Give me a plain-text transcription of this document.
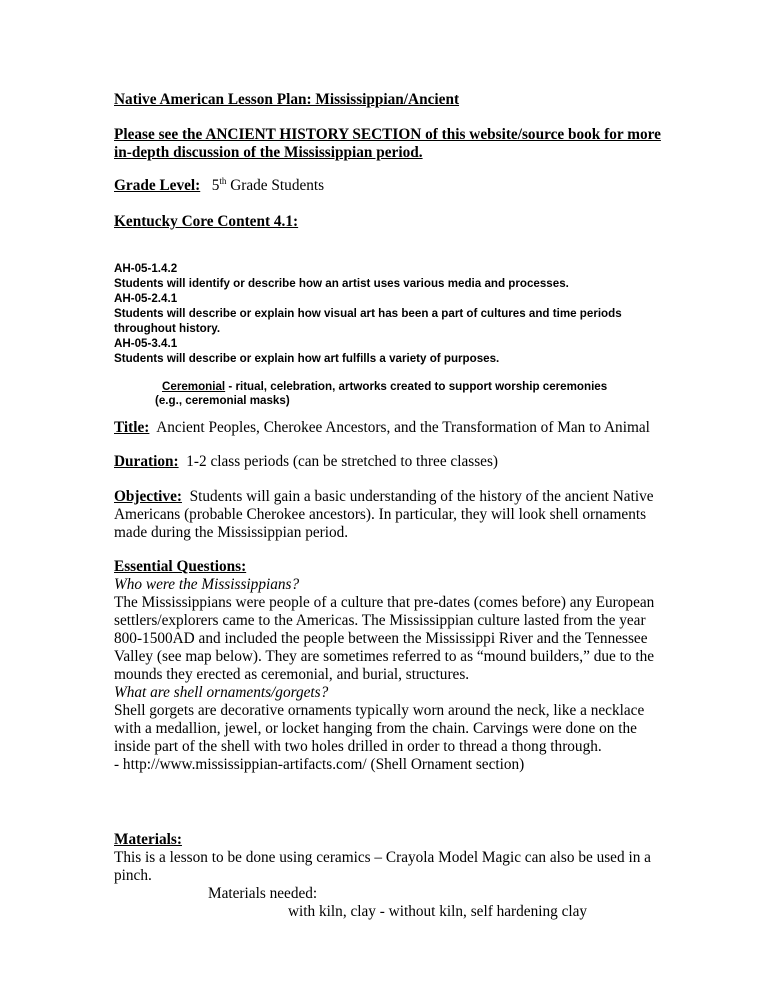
Native American Lesson Plan: Mississippian/Ancient
Please see the ANCIENT HISTORY SECTION of this website/source book for more
in-depth discussion of the Mississippian period.
Grade Level: 5th Grade Students
Kentucky Core Content 4.1:
AH-05-1.4.2
Students will identify or describe how an artist uses various media and processes.
AH-05-2.4.1
Students will describe or explain how visual art has been a part of cultures and time periods
throughout history.
AH-05-3.4.1
Students will describe or explain how art fulfills a variety of purposes.
Ceremonial - ritual, celebration, artworks created to support worship ceremonies
(e.g., ceremonial masks)
Title:  Ancient Peoples, Cherokee Ancestors, and the Transformation of Man to Animal
Duration:  1-2 class periods (can be stretched to three classes)
Objective:  Students will gain a basic understanding of the history of the ancient Native
Americans (probable Cherokee ancestors). In particular, they will look shell ornaments
made during the Mississippian period.
Essential Questions:
Who were the Mississippians?
The Mississippians were people of a culture that pre-dates (comes before) any European
settlers/explorers came to the Americas. The Mississippian culture lasted from the year
800-1500AD and included the people between the Mississippi River and the Tennessee
Valley (see map below). They are sometimes referred to as “mound builders,” due to the
mounds they erected as ceremonial, and burial, structures.
What are shell ornaments/gorgets?
Shell gorgets are decorative ornaments typically worn around the neck, like a necklace
with a medallion, jewel, or locket hanging from the chain. Carvings were done on the
inside part of the shell with two holes drilled in order to thread a thong through.
- http://www.mississippian-artifacts.com/ (Shell Ornament section)
Materials:
This is a lesson to be done using ceramics – Crayola Model Magic can also be used in a
pinch.
Materials needed:
with kiln, clay - without kiln, self hardening clay
